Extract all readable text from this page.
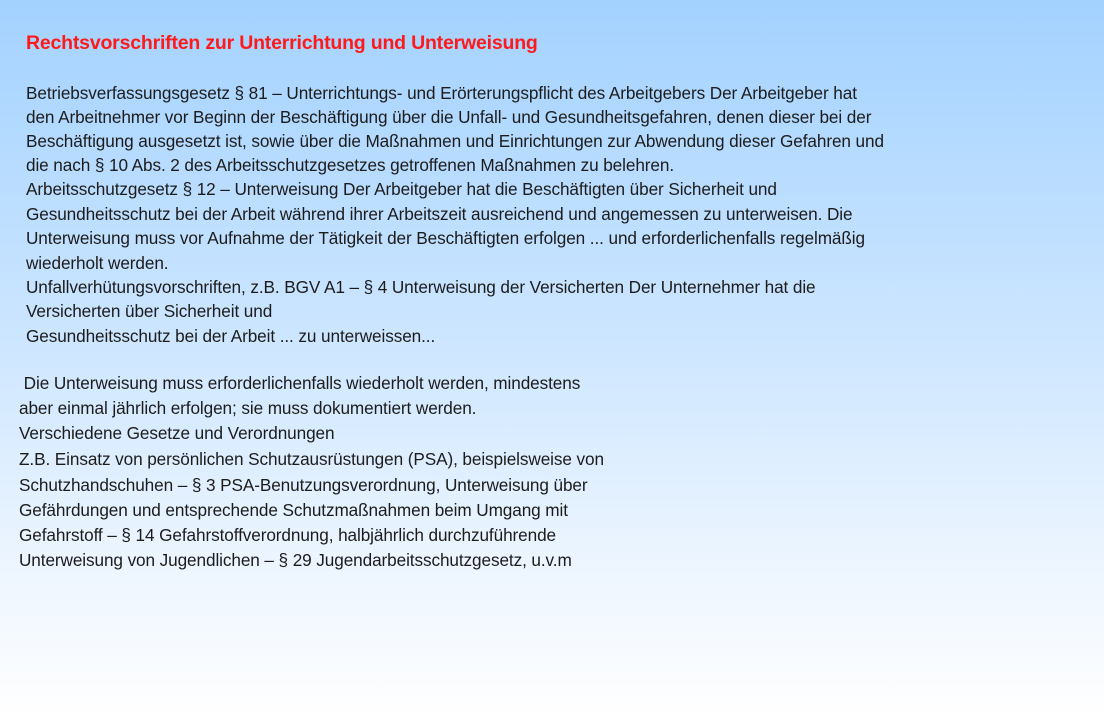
Rechtsvorschriften zur Unterrichtung und Unterweisung
Betriebsverfassungsgesetz § 81 – Unterrichtungs- und Erörterungspflicht des Arbeitgebers Der Arbeitgeber hat
den Arbeitnehmer vor Beginn der Beschäftigung über die Unfall- und Gesundheitsgefahren, denen dieser bei der
Beschäftigung ausgesetzt ist, sowie über die Maßnahmen und Einrichtungen zur Abwendung dieser Gefahren und
die nach § 10 Abs. 2 des Arbeitsschutzgesetzes getroffenen Maßnahmen zu belehren.
Arbeitsschutzgesetz § 12 – Unterweisung Der Arbeitgeber hat die Beschäftigten über Sicherheit und
Gesundheitsschutz bei der Arbeit während ihrer Arbeitszeit ausreichend und angemessen zu unterweisen. Die
Unterweisung muss vor Aufnahme der Tätigkeit der Beschäftigten erfolgen ... und erforderlichenfalls regelmäßig
wiederholt werden.
Unfallverhütungsvorschriften, z.B. BGV A1 – § 4 Unterweisung der Versicherten Der Unternehmer hat die
Versicherten über Sicherheit und
Gesundheitsschutz bei der Arbeit ... zu unterweissen...
Die Unterweisung muss erforderlichenfalls wiederholt werden, mindestens
aber einmal jährlich erfolgen; sie muss dokumentiert werden.
Verschiedene Gesetze und Verordnungen
Z.B. Einsatz von persönlichen Schutzausrüstungen (PSA), beispielsweise von
Schutzhandschuhen – § 3 PSA-Benutzungsverordnung, Unterweisung über
Gefährdungen und entsprechende Schutzmaßnahmen beim Umgang mit
Gefahrstoff – § 14 Gefahrstoffverordnung, halbjährlich durchzuführende
Unterweisung von Jugendlichen – § 29 Jugendarbeitsschutzgesetz, u.v.m
